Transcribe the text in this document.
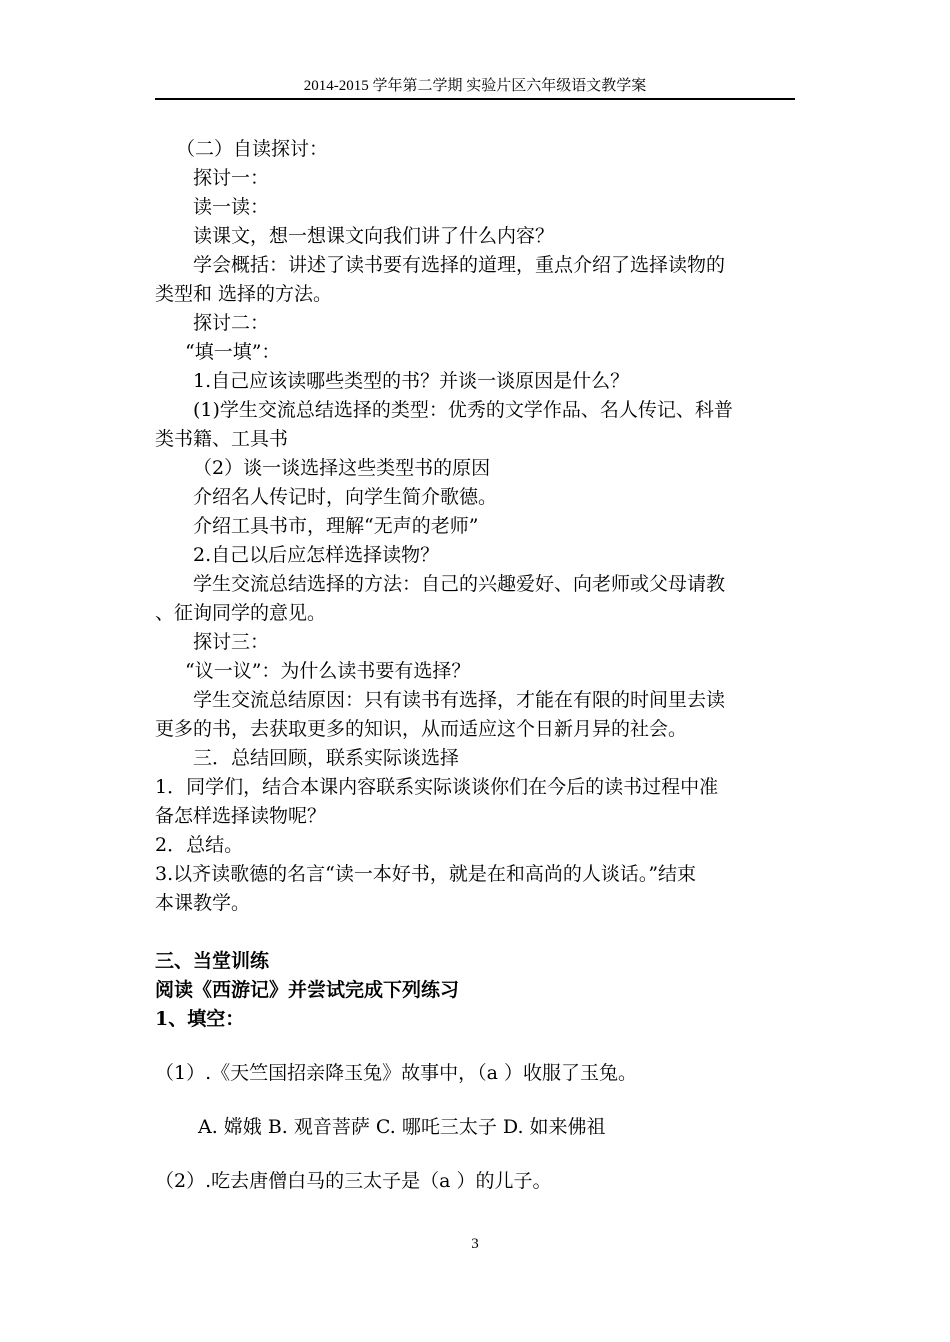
2014-2015 学年第二学期 实验片区六年级语文教学案
（二）自读探讨：
探讨一：
读一读：
读课文，想一想课文向我们讲了什么内容？
学会概括：讲述了读书要有选择的道理，重点介绍了选择读物的
类型和 选择的方法。
探讨二：
“填一填”：
1.自己应该读哪些类型的书？并谈一谈原因是什么？
(1)学生交流总结选择的类型：优秀的文学作品、名人传记、科普
类书籍、工具书
（2）谈一谈选择这些类型书的原因
介绍名人传记时，向学生简介歌德。
介绍工具书市，理解“无声的老师”
2.自己以后应怎样选择读物？
学生交流总结选择的方法：自己的兴趣爱好、向老师或父母请教
、征询同学的意见。
探讨三：
“议一议”：为什么读书要有选择？
学生交流总结原因：只有读书有选择，才能在有限的时间里去读
更多的书，去获取更多的知识，从而适应这个日新月异的社会。
三．总结回顾，联系实际谈选择
1．同学们，结合本课内容联系实际谈谈你们在今后的读书过程中准
备怎样选择读物呢？
2．总结。
3.以齐读歌德的名言“读一本好书，就是在和高尚的人谈话。”结束
本课教学。
三、当堂训练
阅读《西游记》并尝试完成下列练习
1、填空：
（1）.《天竺国招亲降玉兔》故事中，（a ）收服了玉兔。
A. 嫦娥 B. 观音菩萨 C. 哪吒三太子 D. 如来佛祖
（2）.吃去唐僧白马的三太子是（a ）的儿子。
3
